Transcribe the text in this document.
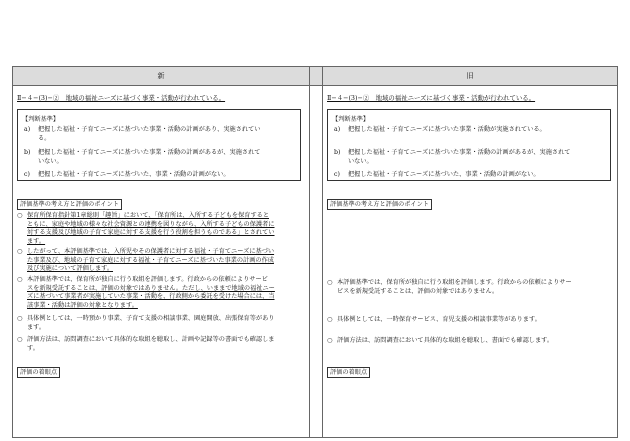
新	旧
Ⅱ−４−(3)−②　地域の福祉ニーズに基づく事業・活動が行われている。
【判断基準】
a) 把握した福祉・子育てニーズに基づいた事業・活動の計画があり、実施されてい
る。
b) 把握した福祉・子育てニーズに基づいた事業・活動の計画があるが、実施されて
いない。
c) 把握した福祉・子育てニーズに基づいた、事業・活動の計画がない。
評価基準の考え方と評価のポイント
○ 保育所保育指針第1章総則「趣旨」において、「保育所は、入所する子どもを保育すると
ともに、家庭や地域の様々な社会資源との連携を図りながら、入所する子どもの保護者に
対する支援及び地域の子育て家庭に対する支援を行う役割を担うものである」とされてい
ます。
○ したがって、本評価基準では、入所児やその保護者に対する福祉・子育てニーズに基づい
た事業及び、地域の子育て家庭に対する福祉・子育てニーズに基づいた事業の計画の作成
及び実施について評価します。
○ 本評価基準では、保育所が独自に行う取組を評価します。行政からの依頼によりサービ
スを新規受託することは、評価の対象ではありません。ただし、いままで地域の福祉ニー
ズに基づいて事業者が実施していた事業・活動を、行政側から委託を受けた場合には、当
該事業・活動は評価の対象となります。
○ 具体例としては、一時預かり事業、子育て支援の相談事業、園庭開放、出張保育等があり
ます。
○ 評価方法は、訪問調査において具体的な取組を聴取し、計画や記録等の書面でも確認しま
す。
評価の着眼点
Ⅱ−４−(3)−②　地域の福祉ニーズに基づく事業・活動が行われている。
【判断基準】
a) 把握した福祉・子育てニーズに基づいた事業・活動が実施されている。
b) 把握した福祉・子育てニーズに基づいた事業・活動の計画があるが、実施されて
いない。
c) 把握した福祉・子育てニーズに基づいた、事業・活動の計画がない。
評価基準の考え方と評価のポイント
○ 本評価基準では、保育所が独自に行う取組を評価します。行政からの依頼によりサー
ビスを新規受託することは、評価の対象ではありません。
○ 具体例としては、一時保育サービス、育児支援の相談事業等があります。
○ 評価方法は、訪問調査において具体的な取組を聴取し、書面でも確認します。
評価の着眼点
